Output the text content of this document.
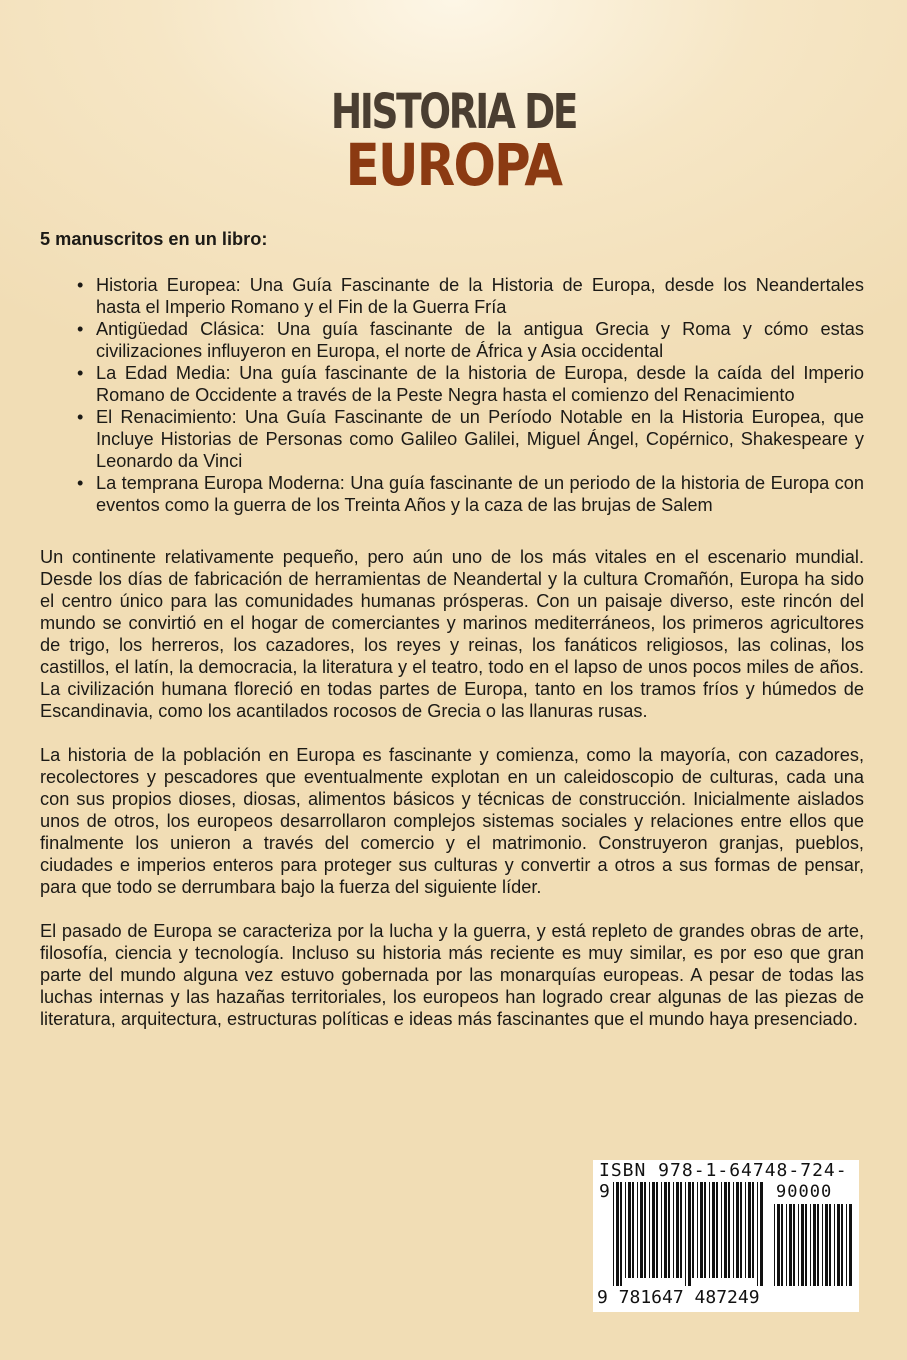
HISTORIA DE
EUROPA

5 manuscritos en un libro:

• Historia Europea: Una Guía Fascinante de la Historia de Europa, desde los Neandertales hasta el Imperio Romano y el Fin de la Guerra Fría
• Antigüedad Clásica: Una guía fascinante de la antigua Grecia y Roma y cómo estas civilizaciones influyeron en Europa, el norte de África y Asia occidental
• La Edad Media: Una guía fascinante de la historia de Europa, desde la caída del Imperio Romano de Occidente a través de la Peste Negra hasta el comienzo del Renacimiento
• El Renacimiento: Una Guía Fascinante de un Período Notable en la Historia Europea, que Incluye Historias de Personas como Galileo Galilei, Miguel Ángel, Copérnico, Shakespeare y Leonardo da Vinci
• La temprana Europa Moderna: Una guía fascinante de un periodo de la historia de Europa con eventos como la guerra de los Treinta Años y la caza de las brujas de Salem

Un continente relativamente pequeño, pero aún uno de los más vitales en el escenario mundial. Desde los días de fabricación de herramientas de Neandertal y la cultura Cromañón, Europa ha sido el centro único para las comunidades humanas prósperas. Con un paisaje diverso, este rincón del mundo se convirtió en el hogar de comerciantes y marinos mediterráneos, los primeros agricultores de trigo, los herreros, los cazadores, los reyes y reinas, los fanáticos religiosos, las colinas, los castillos, el latín, la democracia, la literatura y el teatro, todo en el lapso de unos pocos miles de años. La civilización humana floreció en todas partes de Europa, tanto en los tramos fríos y húmedos de Escandinavia, como los acantilados rocosos de Grecia o las llanuras rusas.

La historia de la población en Europa es fascinante y comienza, como la mayoría, con cazadores, recolectores y pescadores que eventualmente explotan en un caleidoscopio de culturas, cada una con sus propios dioses, diosas, alimentos básicos y técnicas de construcción. Inicialmente aislados unos de otros, los europeos desarrollaron complejos sistemas sociales y relaciones entre ellos que finalmente los unieron a través del comercio y el matrimonio. Construyeron granjas, pueblos, ciudades e imperios enteros para proteger sus culturas y convertir a otros a sus formas de pensar, para que todo se derrumbara bajo la fuerza del siguiente líder.

El pasado de Europa se caracteriza por la lucha y la guerra, y está repleto de grandes obras de arte, filosofía, ciencia y tecnología. Incluso su historia más reciente es muy similar, es por eso que gran parte del mundo alguna vez estuvo gobernada por las monarquías europeas. A pesar de todas las luchas internas y las hazañas territoriales, los europeos han logrado crear algunas de las piezas de literatura, arquitectura, estructuras políticas e ideas más fascinantes que el mundo haya presenciado.

ISBN 978-1-64748-724-9	90000
9 781647 487249
